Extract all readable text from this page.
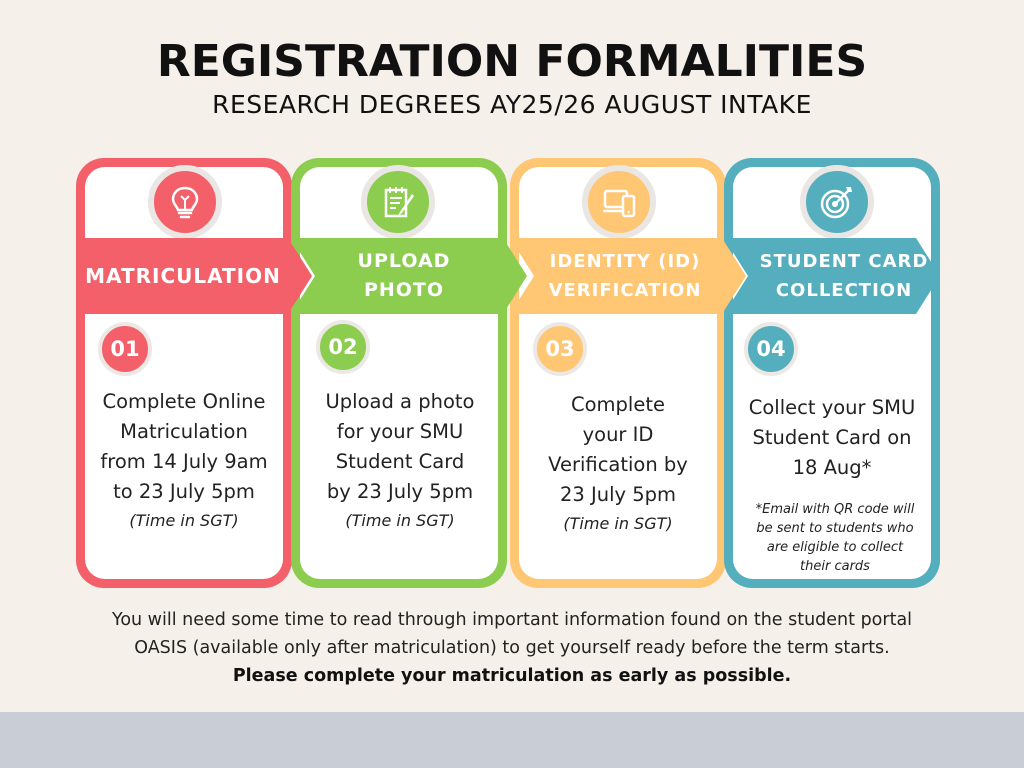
REGISTRATION FORMALITIES
RESEARCH DEGREES AY25/26 AUGUST INTAKE
MATRICULATION
UPLOAD
PHOTO
IDENTITY (ID)
VERIFICATION
STUDENT CARD
COLLECTION
01	02	03	04
Complete Online
Matriculation
from 14 July 9am
to 23 July 5pm
(Time in SGT)
Upload a photo
for your SMU
Student Card
by 23 July 5pm
(Time in SGT)
Complete
your ID
Verification by
23 July 5pm
(Time in SGT)
Collect your SMU
Student Card on
18 Aug*
*Email with QR code will
be sent to students who
are eligible to collect
their cards
You will need some time to read through important information found on the student portal
OASIS (available only after matriculation) to get yourself ready before the term starts.
Please complete your matriculation as early as possible.
